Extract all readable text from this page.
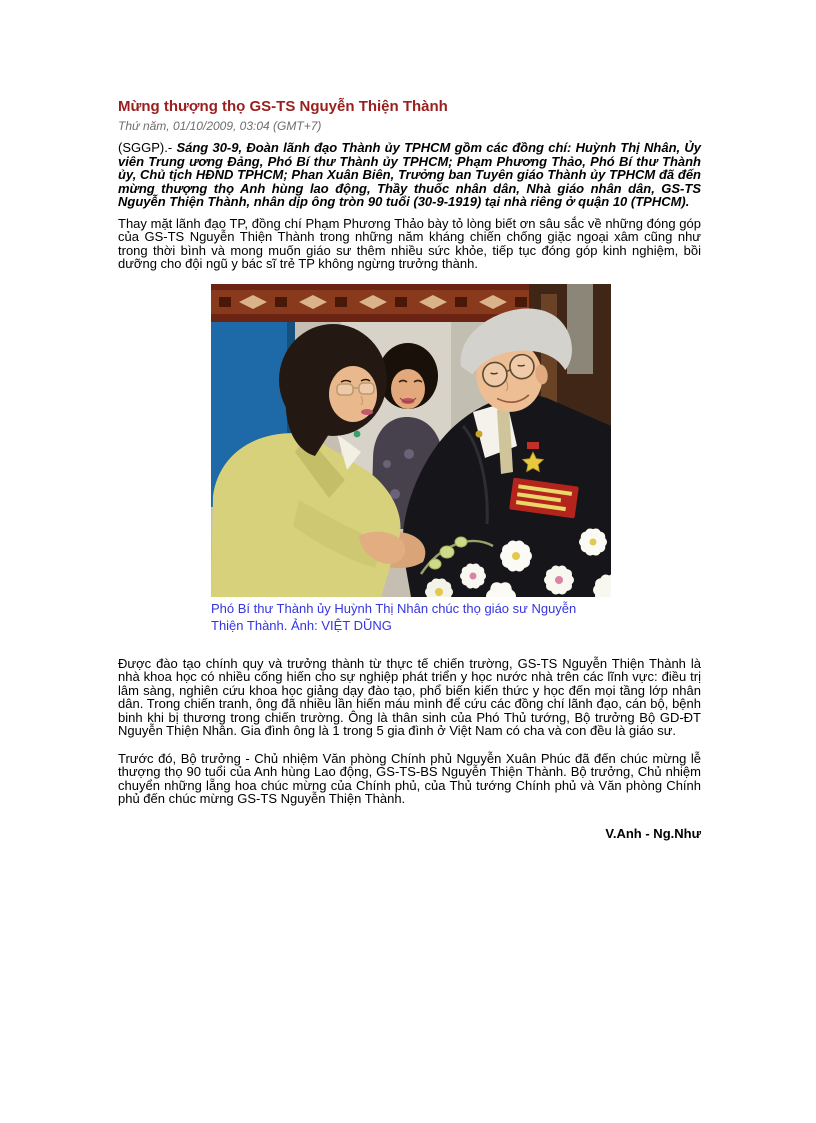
Mừng thượng thọ GS-TS Nguyễn Thiện Thành
Thứ năm, 01/10/2009, 03:04 (GMT+7)

(SGGP).- Sáng 30-9, Đoàn lãnh đạo Thành ủy TPHCM gồm các đồng chí: Huỳnh Thị Nhân, Ủy viên Trung ương Đảng, Phó Bí thư Thành ủy TPHCM; Phạm Phương Thảo, Phó Bí thư Thành ủy, Chủ tịch HĐND TPHCM; Phan Xuân Biên, Trưởng ban Tuyên giáo Thành ủy TPHCM đã đến mừng thượng thọ Anh hùng lao động, Thầy thuốc nhân dân, Nhà giáo nhân dân, GS-TS Nguyễn Thiện Thành, nhân dịp ông tròn 90 tuổi (30-9-1919) tại nhà riêng ở quận 10 (TPHCM).

Thay mặt lãnh đạo TP, đồng chí Phạm Phương Thảo bày tỏ lòng biết ơn sâu sắc về những đóng góp của GS-TS Nguyễn Thiện Thành trong những năm kháng chiến chống giặc ngoại xâm cũng như trong thời bình và mong muốn giáo sư thêm nhiều sức khỏe, tiếp tục đóng góp kinh nghiệm, bồi dưỡng cho đội ngũ y bác sĩ trẻ TP không ngừng trưởng thành.

Phó Bí thư Thành ủy Huỳnh Thị Nhân chúc thọ giáo sư Nguyễn Thiện Thành. Ảnh: VIỆT DŨNG

Được đào tạo chính quy và trưởng thành từ thực tế chiến trường, GS-TS Nguyễn Thiện Thành là nhà khoa học có nhiều cống hiến cho sự nghiệp phát triển y học nước nhà trên các lĩnh vực: điều trị lâm sàng, nghiên cứu khoa học giảng dạy đào tạo, phổ biến kiến thức y học đến mọi tầng lớp nhân dân. Trong chiến tranh, ông đã nhiều lần hiến máu mình để cứu các đồng chí lãnh đạo, cán bộ, bệnh binh khi bị thương trong chiến trường. Ông là thân sinh của Phó Thủ tướng, Bộ trưởng Bộ GD-ĐT Nguyễn Thiện Nhân. Gia đình ông là 1 trong 5 gia đình ở Việt Nam có cha và con đều là giáo sư.

Trước đó, Bộ trưởng - Chủ nhiệm Văn phòng Chính phủ Nguyễn Xuân Phúc đã đến chúc mừng lễ thượng thọ 90 tuổi của Anh hùng Lao động, GS-TS-BS Nguyễn Thiện Thành. Bộ trưởng, Chủ nhiệm chuyển những lẵng hoa chúc mừng của Chính phủ, của Thủ tướng Chính phủ và Văn phòng Chính phủ đến chúc mừng GS-TS Nguyễn Thiện Thành.

V.Anh - Ng.Như
